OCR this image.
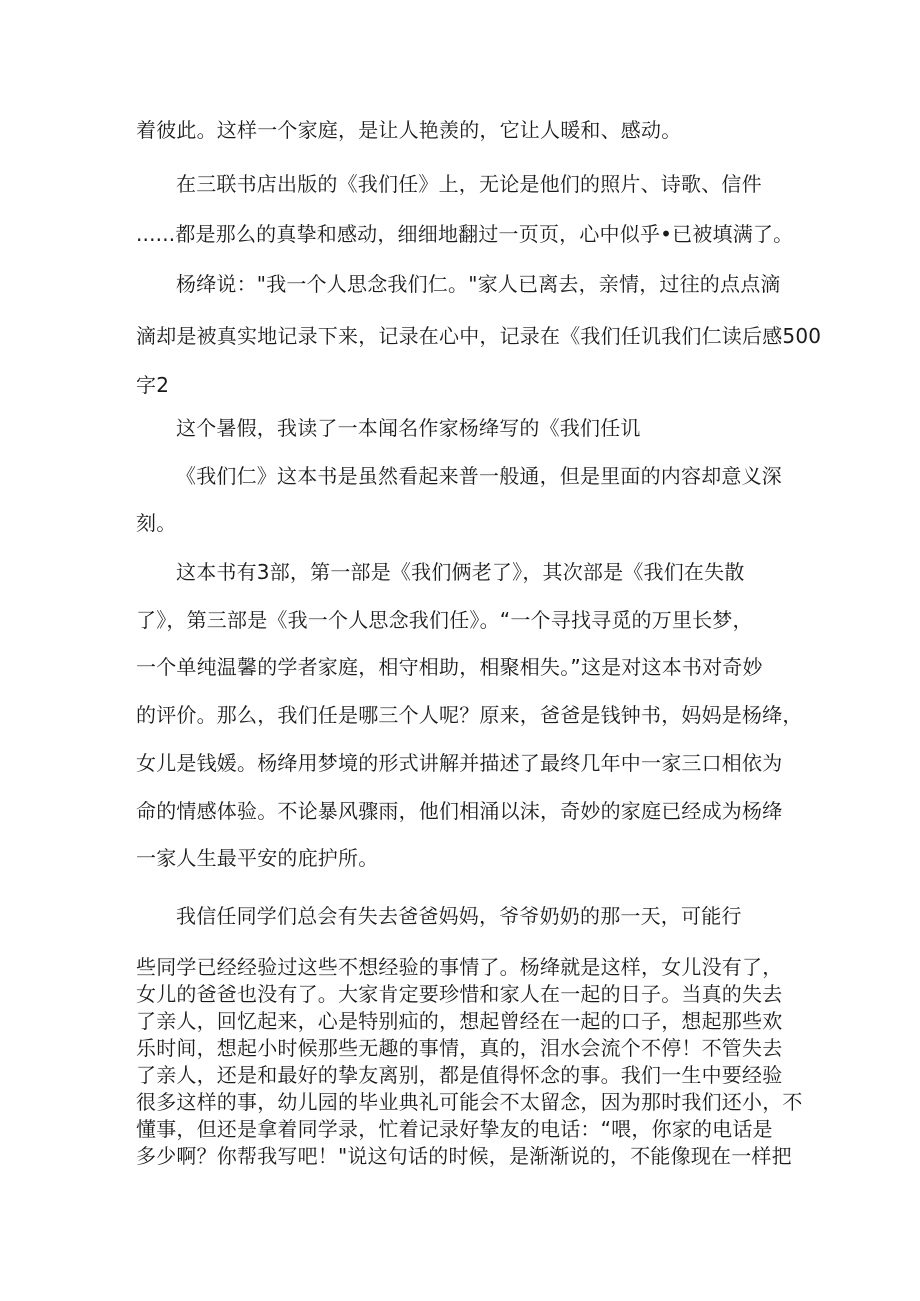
着彼此。这样一个家庭，是让人艳羡的，它让人暖和、感动。
在三联书店出版的《我们任》上，无论是他们的照片、诗歌、信件
......都是那么的真挚和感动，细细地翻过一页页，心中似乎•已被填满了。
杨绛说："我一个人思念我们仁。"家人已离去，亲情，过往的点点滴
滴却是被真实地记录下来，记录在心中，记录在《我们任讥我们仁读后感500
字2
这个暑假，我读了一本闻名作家杨绛写的《我们任讥
《我们仁》这本书是虽然看起来普一般通，但是里面的内容却意义深
刻。
这本书有3部，第一部是《我们俩老了》，其次部是《我们在失散
了》，第三部是《我一个人思念我们任》。“一个寻找寻觅的万里长梦，
一个单纯温馨的学者家庭，相守相助，相聚相失。”这是对这本书对奇妙
的评价。那么，我们任是哪三个人呢？原来，爸爸是钱钟书，妈妈是杨绛，
女儿是钱媛。杨绛用梦境的形式讲解并描述了最终几年中一家三口相依为
命的情感体验。不论暴风骤雨，他们相涌以沫，奇妙的家庭已经成为杨绛
一家人生最平安的庇护所。
我信任同学们总会有失去爸爸妈妈，爷爷奶奶的那一天，可能行
些同学已经经验过这些不想经验的事情了。杨绛就是这样，女儿没有了，
女儿的爸爸也没有了。大家肯定要珍惜和家人在一起的日子。当真的失去
了亲人，回忆起来，心是特别疝的，想起曾经在一起的口子，想起那些欢
乐时间，想起小时候那些无趣的事情，真的，泪水会流个不停！不管失去
了亲人，还是和最好的挚友离别，都是值得怀念的事。我们一生中要经验
很多这样的事，幼儿园的毕业典礼可能会不太留念，因为那时我们还小，不
懂事，但还是拿着同学录，忙着记录好挚友的电话：“喂，你家的电话是
多少啊？你帮我写吧！"说这句话的时候，是渐渐说的，不能像现在一样把
